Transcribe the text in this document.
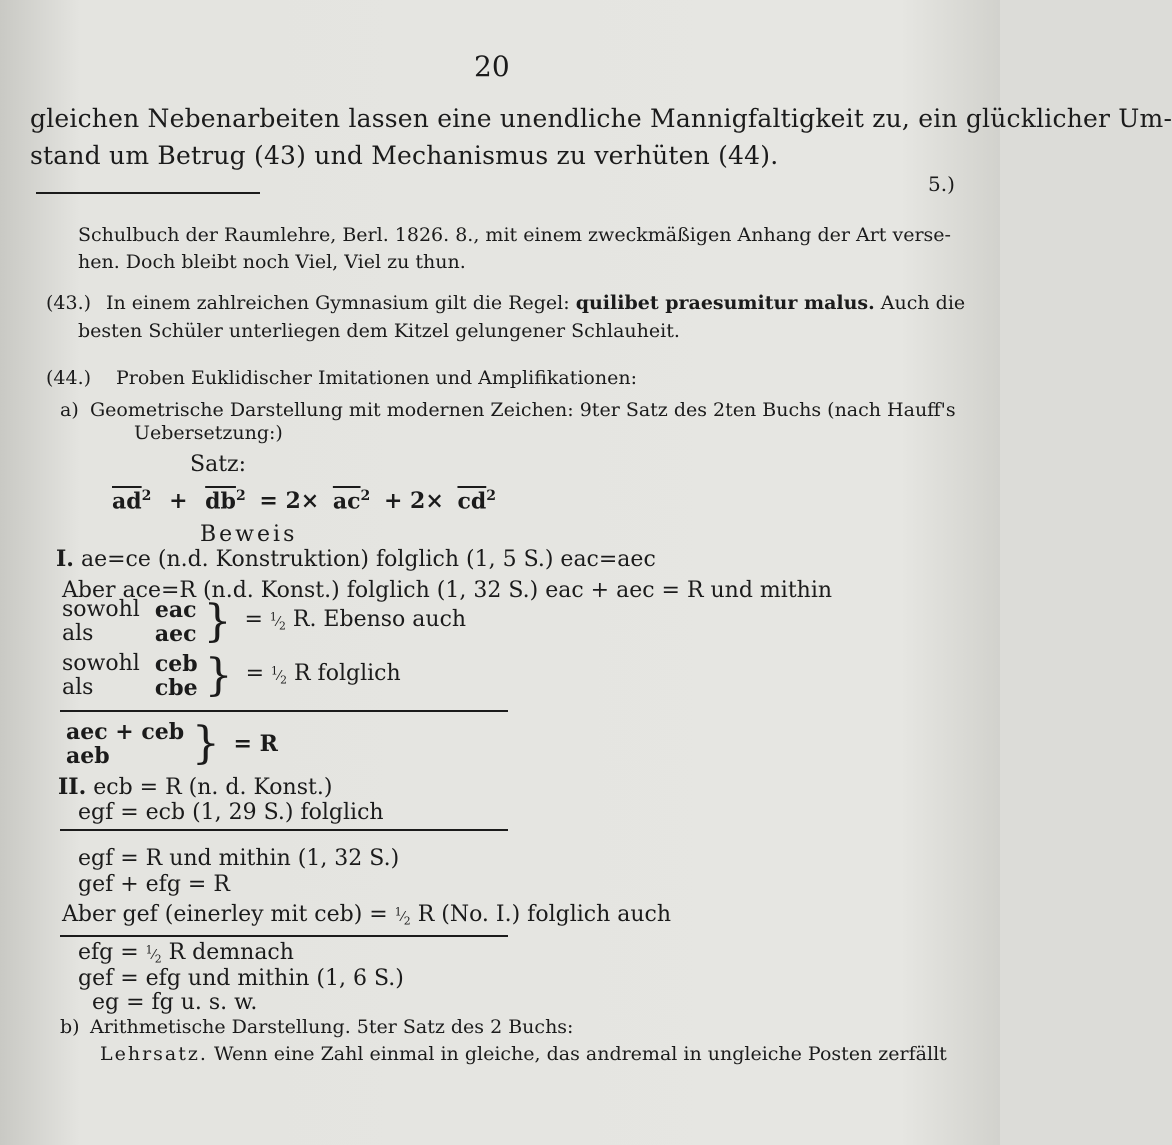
20
gleichen Nebenarbeiten lassen eine unendliche Mannigfaltigkeit zu, ein glücklicher Um-
stand um Betrug (43) und Mechanismus zu verhüten (44).
5.)
Schulbuch der Raumlehre, Berl. 1826. 8., mit einem zweckmäßigen Anhang der Art verse-
hen. Doch bleibt noch Viel, Viel zu thun.
(43.) In einem zahlreichen Gymnasium gilt die Regel: quilibet praesumitur malus. Auch die
besten Schüler unterliegen dem Kitzel gelungener Schlauheit.
(44.) Proben Euklidischer Imitationen und Amplifikationen:
a) Geometrische Darstellung mit modernen Zeichen: 9ter Satz des 2ten Buchs (nach Hauff's
Uebersetzung:)
Satz:
$\overline{ad}^2 + \overline{db}^2 = 2\times \overline{ac}^2 + 2\times \overline{cd}^2$
Beweis
I. ae=ce (n.d. Konstruktion) folglich (1, 5 S.) eac=aec
Aber ace=R (n.d. Konst.) folglich (1, 32 S.) eac + aec = R und mithin
sowohl
als

eac
aec } = $^1⁄_2$ R. Ebenso auch
sowohl
als

ceb
cbe } = $^1⁄_2$ R folglich
aec + ceb
aeb	} = R
II. ecb = R (n. d. Konst.)
egf = ecb (1, 29 S.) folglich
egf = R und mithin (1, 32 S.)
gef + efg = R
Aber gef (einerley mit $ceb) = ^1⁄_2$ R (No. I.) folglich auch
efg = $^1⁄_2$ R demnach
gef = efg und mithin (1, 6 S.)
eg = fg u. s. w.
b) Arithmetische Darstellung. 5ter Satz des 2 Buchs:
Lehrsatz. Wenn eine Zahl einmal in gleiche, das andremal in ungleiche Posten zerfällt
